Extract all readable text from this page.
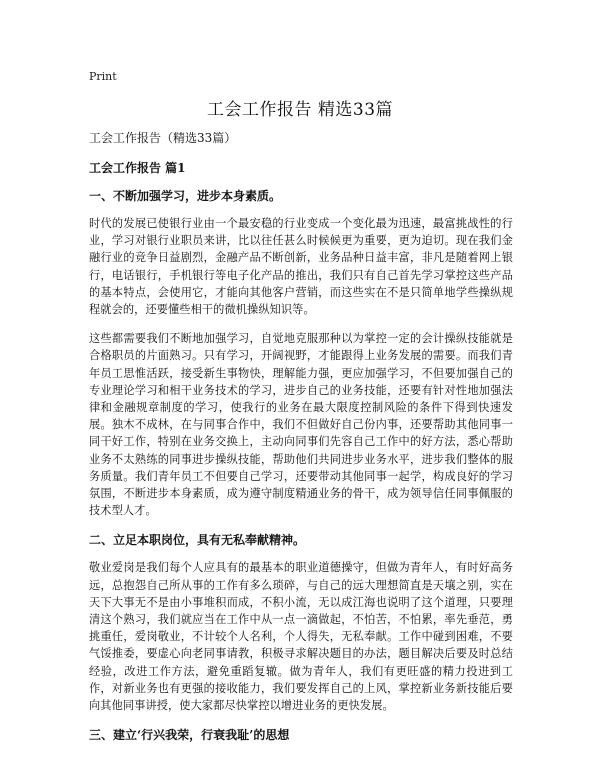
Print
工会工作报告 精选33篇

工会工作报告（精选33篇）

工会工作报告 篇1

一、不断加强学习，进步本身素质。

时代的发展已使银行业由一个最安稳的行业变成一个变化最为迅速，最富挑战性的行业，学习对银行业职员来讲，比以往任甚么时候候更为重要，更为迫切。现在我们金融行业的竞争日益剧烈，金融产品不断创新，业务品种日益丰富，非凡是随着网上银行，电话银行，手机银行等电子化产品的推出，我们只有自己首先学习掌控这些产品的基本特点，会使用它，才能向其他客户营销，而这些实在不是只简单地学些操纵规程就会的，还要懂些相干的微机操纵知识等。

这些都需要我们不断地加强学习，自觉地克服那种以为掌控一定的会计操纵技能就是合格职员的片面熟习。只有学习，开阔视野，才能跟得上业务发展的需要。而我们青年员工思惟活跃，接受新生事物快，理解能力强，更应加强学习，不但要加强自己的专业理论学习和相干业务技术的学习，进步自己的业务技能，还要有针对性地加强法律和金融规章制度的学习，使我行的业务在最大限度控制风险的条件下得到快速发展。独木不成林，在与同事合作中，我们不但做好自己份内事，还要帮助其他同事一同干好工作，特别在业务交换上，主动向同事们先容自己工作中的好方法，悉心帮助业务不太熟练的同事进步操纵技能，帮助他们共同进步业务水平，进步我们整体的服务质量。我们青年员工不但要自己学习，还要带动其他同事一起学，构成良好的学习氛围，不断进步本身素质，成为遵守制度精通业务的骨干，成为领导信任同事佩服的技术型人才。

二、立足本职岗位，具有无私奉献精神。

敬业爱岗是我们每个人应具有的最基本的职业道德操守，但做为青年人，有时好高务远，总抱怨自己所从事的工作有多么琐碎，与自己的远大理想简直是天壤之别，实在天下大事无不是由小事堆积而成，不积小流，无以成江海也说明了这个道理，只要理清这个熟习，我们就应当在工作中从一点一滴做起，不怕苦，不怕累，率先垂范，勇挑重任，爱岗敬业，不计较个人名利，个人得失，无私奉献。工作中碰到困难，不要气馁推委，要虚心向老同事请教，积极寻求解决题目的办法，题目解决后要及时总结经验，改进工作方法，避免重蹈复辙。做为青年人，我们有更旺盛的精力投进到工作，对新业务也有更强的接收能力，我们要发挥自己的上风，掌控新业务新技能后要向其他同事讲授，使大家都尽快掌控以增进业务的更快发展。

三、建立‘行兴我荣，行衰我耻’的思想
